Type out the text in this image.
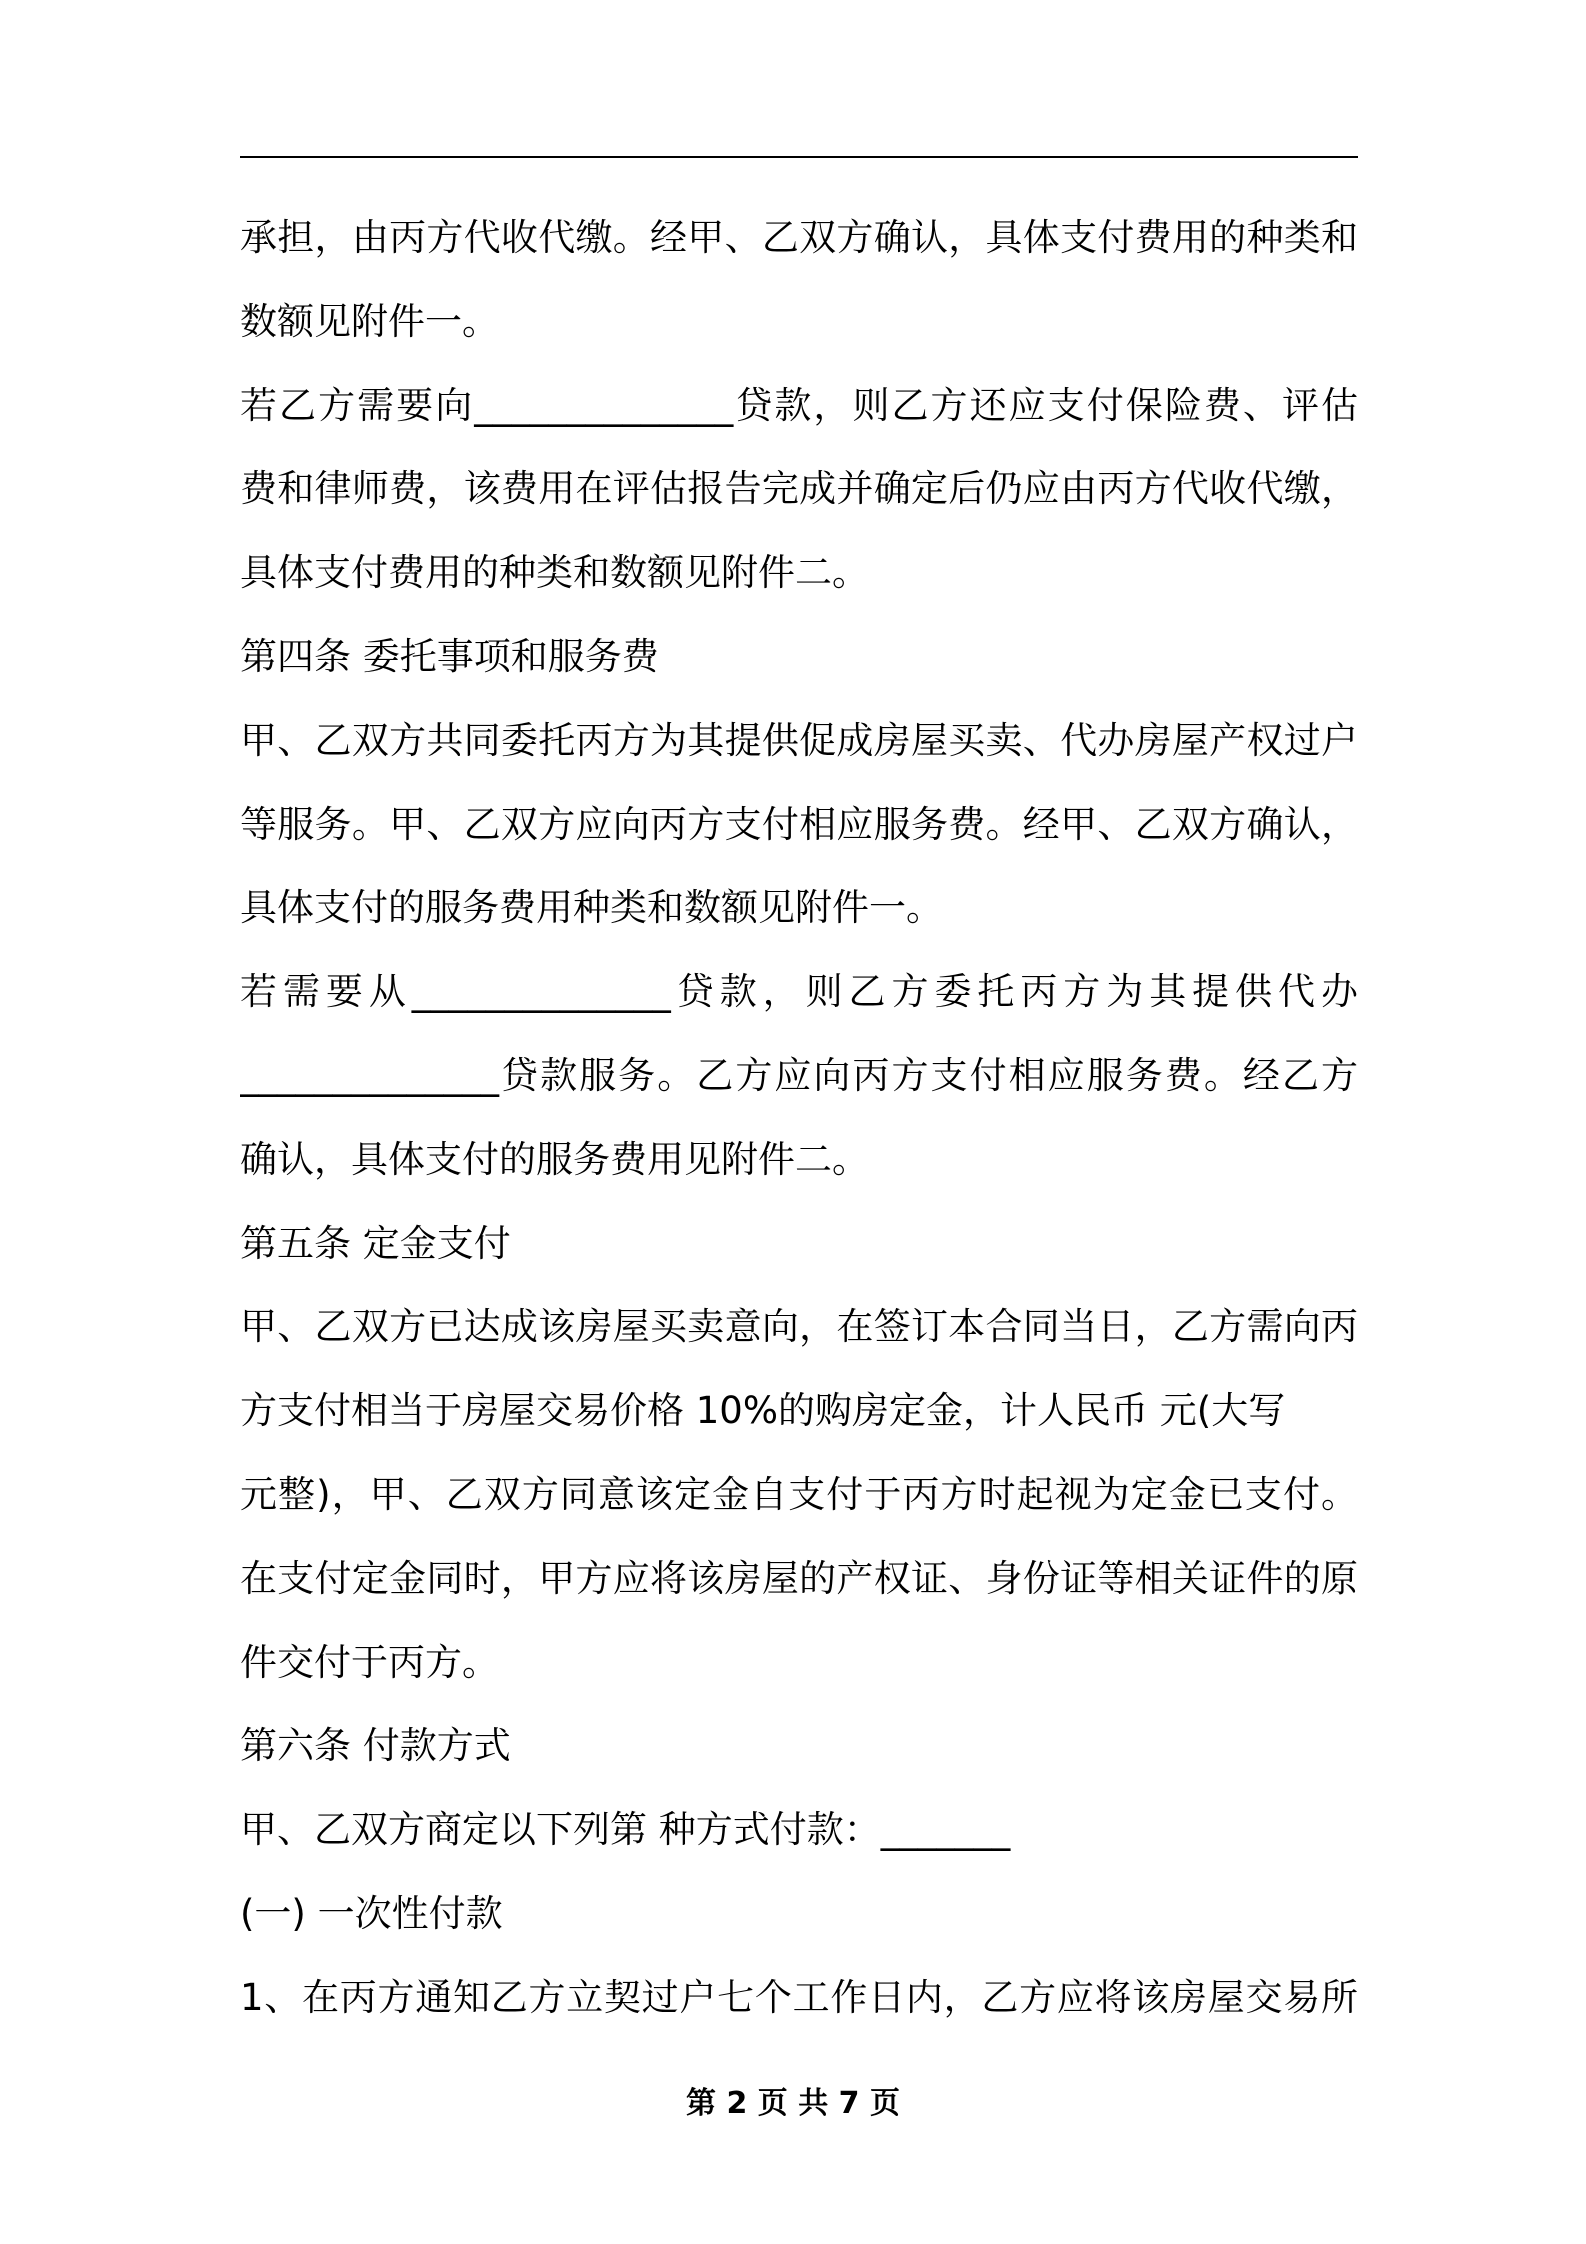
承担，由丙方代收代缴。经甲、乙双方确认，具体支付费用的种类和
数额见附件一。
若乙方需要向______________贷款，则乙方还应支付保险费、评估
费和律师费，该费用在评估报告完成并确定后仍应由丙方代收代缴，
具体支付费用的种类和数额见附件二。
第四条 委托事项和服务费
甲、乙双方共同委托丙方为其提供促成房屋买卖、代办房屋产权过户
等服务。甲、乙双方应向丙方支付相应服务费。经甲、乙双方确认，
具体支付的服务费用种类和数额见附件一。
若需要从______________贷款，则乙方委托丙方为其提供代办
______________贷款服务。乙方应向丙方支付相应服务费。经乙方
确认，具体支付的服务费用见附件二。
第五条 定金支付
甲、乙双方已达成该房屋买卖意向，在签订本合同当日，乙方需向丙
方支付相当于房屋交易价格 10%的购房定金，计人民币 元(大写
元整)，甲、乙双方同意该定金自支付于丙方时起视为定金已支付。
在支付定金同时，甲方应将该房屋的产权证、身份证等相关证件的原
件交付于丙方。
第六条 付款方式
甲、乙双方商定以下列第 种方式付款：_______
(一) 一次性付款
1、在丙方通知乙方立契过户七个工作日内，乙方应将该房屋交易所
第 2 页 共 7 页
